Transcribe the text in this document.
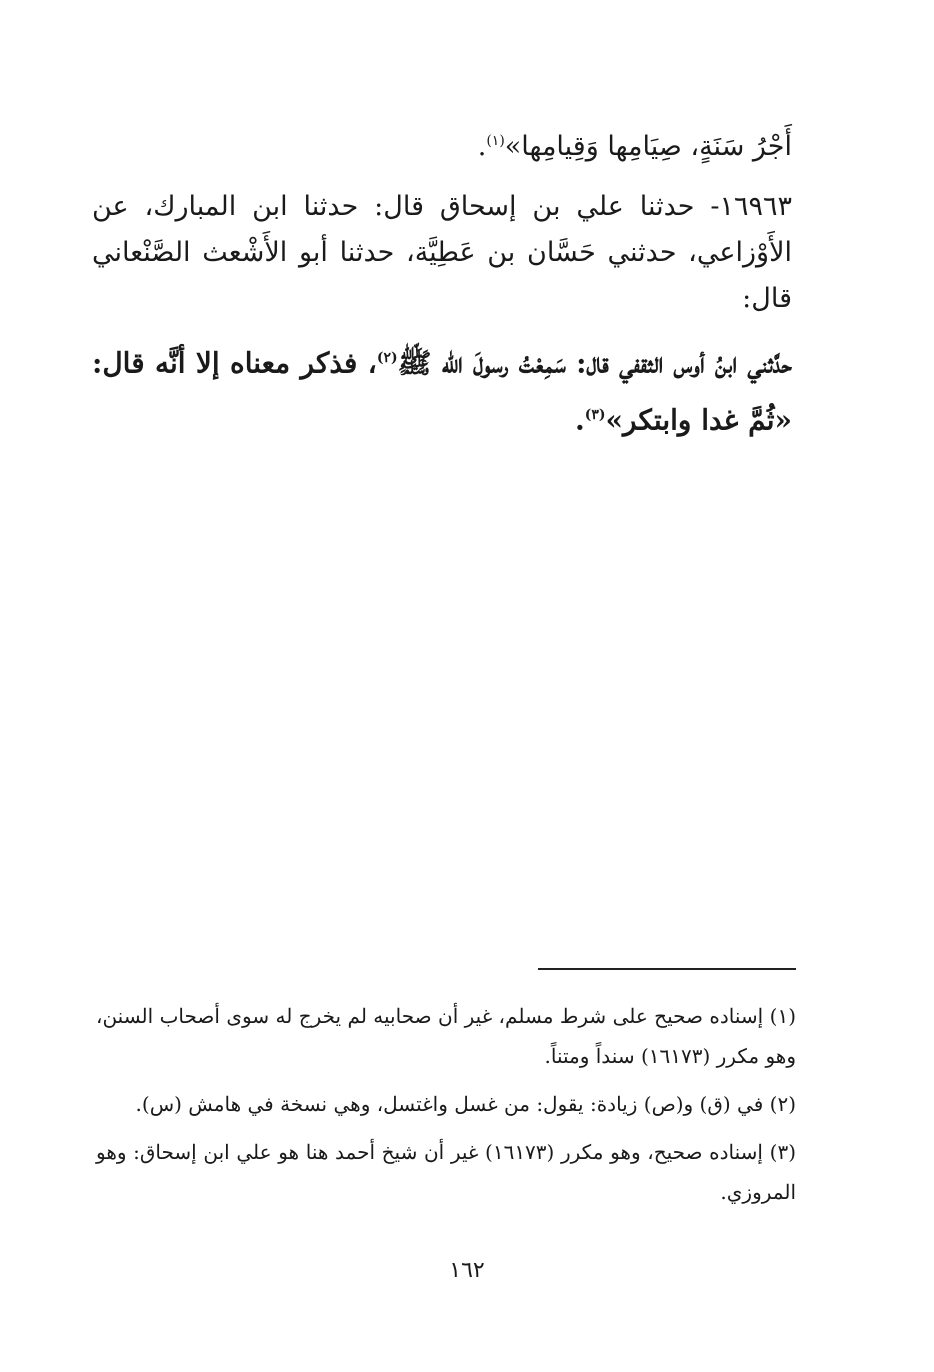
أَجْرُ سَنَةٍ، صِيَامِها وَقِيامِها»$^{(١)}$.

١٦٩٦٣- حدثنا علي بن إسحاق قال: حدثنا ابن المبارك، عن الأَوْزاعي، حدثني حَسَّان بن عَطِيَّة، حدثنا أبو الأَشْعث الصَّنْعاني قال:

حدَّثني ابنُ أوس الثقفي قال: سَمِعْتُ رسولَ الله ﷺ$^{(٢)}$، فذكر معناه إلا أنَّه قال: «ثُمَّ غدا وابتكر»$^{(٣)}$.

(١) إسناده صحيح على شرط مسلم، غير أن صحابيه لم يخرج له سوى أصحاب السنن، وهو مكرر (١٦١٧٣) سنداً ومتناً.

(٢) في (ق) و(ص) زيادة: يقول: من غسل واغتسل، وهي نسخة في هامش (س).

(٣) إسناده صحيح، وهو مكرر (١٦١٧٣) غير أن شيخ أحمد هنا هو علي ابن إسحاق: وهو المروزي.

١٦٢
